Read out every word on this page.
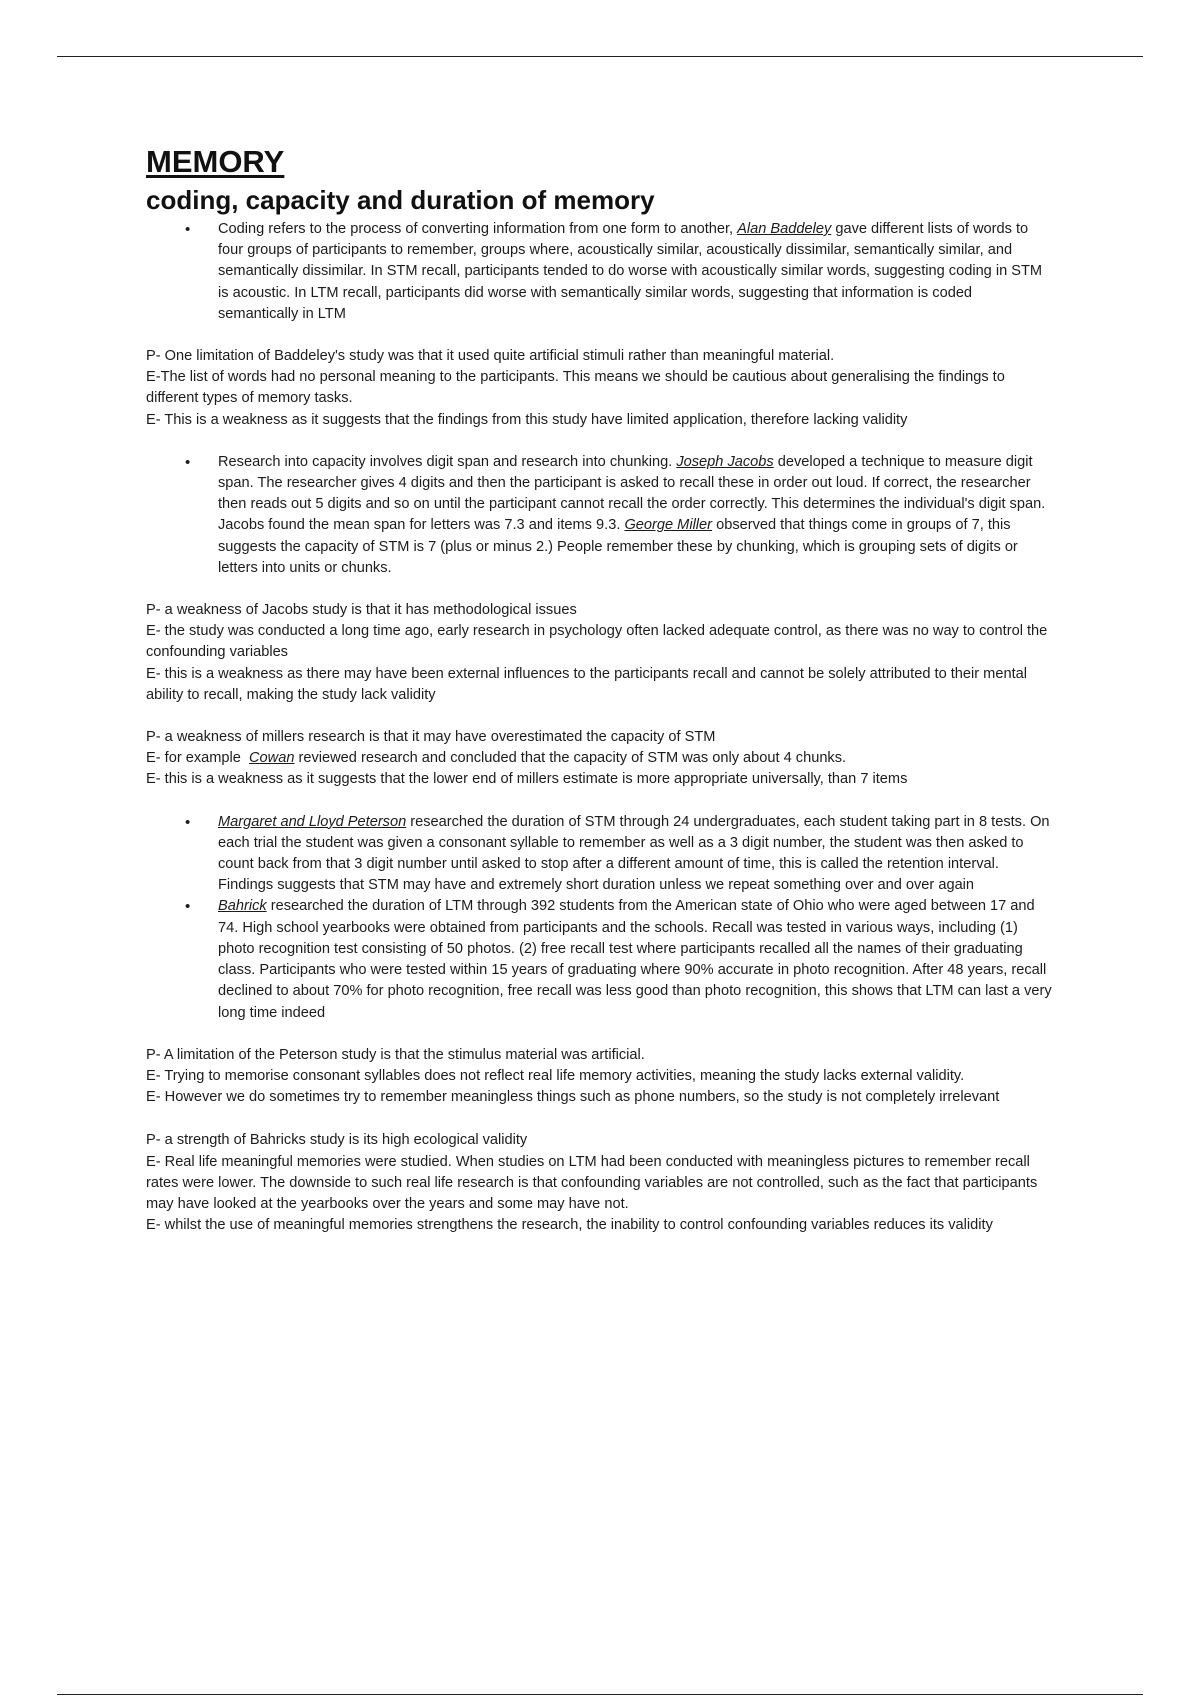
MEMORY
coding, capacity and duration of memory
• Coding refers to the process of converting information from one form to another, Alan Baddeley gave different lists of words to four groups of participants to remember, groups where, acoustically similar, acoustically dissimilar, semantically similar, and semantically dissimilar. In STM recall, participants tended to do worse with acoustically similar words, suggesting coding in STM is acoustic. In LTM recall, participants did worse with semantically similar words, suggesting that information is coded semantically in LTM

P- One limitation of Baddeley's study was that it used quite artificial stimuli rather than meaningful material.

E-The list of words had no personal meaning to the participants. This means we should be cautious about generalising the findings to different types of memory tasks.

E- This is a weakness as it suggests that the findings from this study have limited application, therefore lacking validity

• Research into capacity involves digit span and research into chunking. Joseph Jacobs developed a technique to measure digit span. The researcher gives 4 digits and then the participant is asked to recall these in order out loud. If correct, the researcher then reads out 5 digits and so on until the participant cannot recall the order correctly. This determines the individual's digit span. Jacobs found the mean span for letters was 7.3 and items 9.3. George Miller observed that things come in groups of 7, this suggests the capacity of STM is 7 (plus or minus 2.) People remember these by chunking, which is grouping sets of digits or letters into units or chunks.

P- a weakness of Jacobs study is that it has methodological issues

E- the study was conducted a long time ago, early research in psychology often lacked adequate control, as there was no way to control the confounding variables

E- this is a weakness as there may have been external influences to the participants recall and cannot be solely attributed to their mental ability to recall, making the study lack validity

P- a weakness of millers research is that it may have overestimated the capacity of STM

E- for example  Cowan reviewed research and concluded that the capacity of STM was only about 4 chunks.

E- this is a weakness as it suggests that the lower end of millers estimate is more appropriate universally, than 7 items

• Margaret and Lloyd Peterson researched the duration of STM through 24 undergraduates, each student taking part in 8 tests. On each trial the student was given a consonant syllable to remember as well as a 3 digit number, the student was then asked to count back from that 3 digit number until asked to stop after a different amount of time, this is called the retention interval. Findings suggests that STM may have and extremely short duration unless we repeat something over and over again
• Bahrick researched the duration of LTM through 392 students from the American state of Ohio who were aged between 17 and 74. High school yearbooks were obtained from participants and the schools. Recall was tested in various ways, including (1) photo recognition test consisting of 50 photos. (2) free recall test where participants recalled all the names of their graduating class. Participants who were tested within 15 years of graduating where 90% accurate in photo recognition. After 48 years, recall declined to about 70% for photo recognition, free recall was less good than photo recognition, this shows that LTM can last a very long time indeed

P- A limitation of the Peterson study is that the stimulus material was artificial.

E- Trying to memorise consonant syllables does not reflect real life memory activities, meaning the study lacks external validity.

E- However we do sometimes try to remember meaningless things such as phone numbers, so the study is not completely irrelevant

P- a strength of Bahricks study is its high ecological validity

E- Real life meaningful memories were studied. When studies on LTM had been conducted with meaningless pictures to remember recall rates were lower. The downside to such real life research is that confounding variables are not controlled, such as the fact that participants may have looked at the yearbooks over the years and some may have not.

E- whilst the use of meaningful memories strengthens the research, the inability to control confounding variables reduces its validity
